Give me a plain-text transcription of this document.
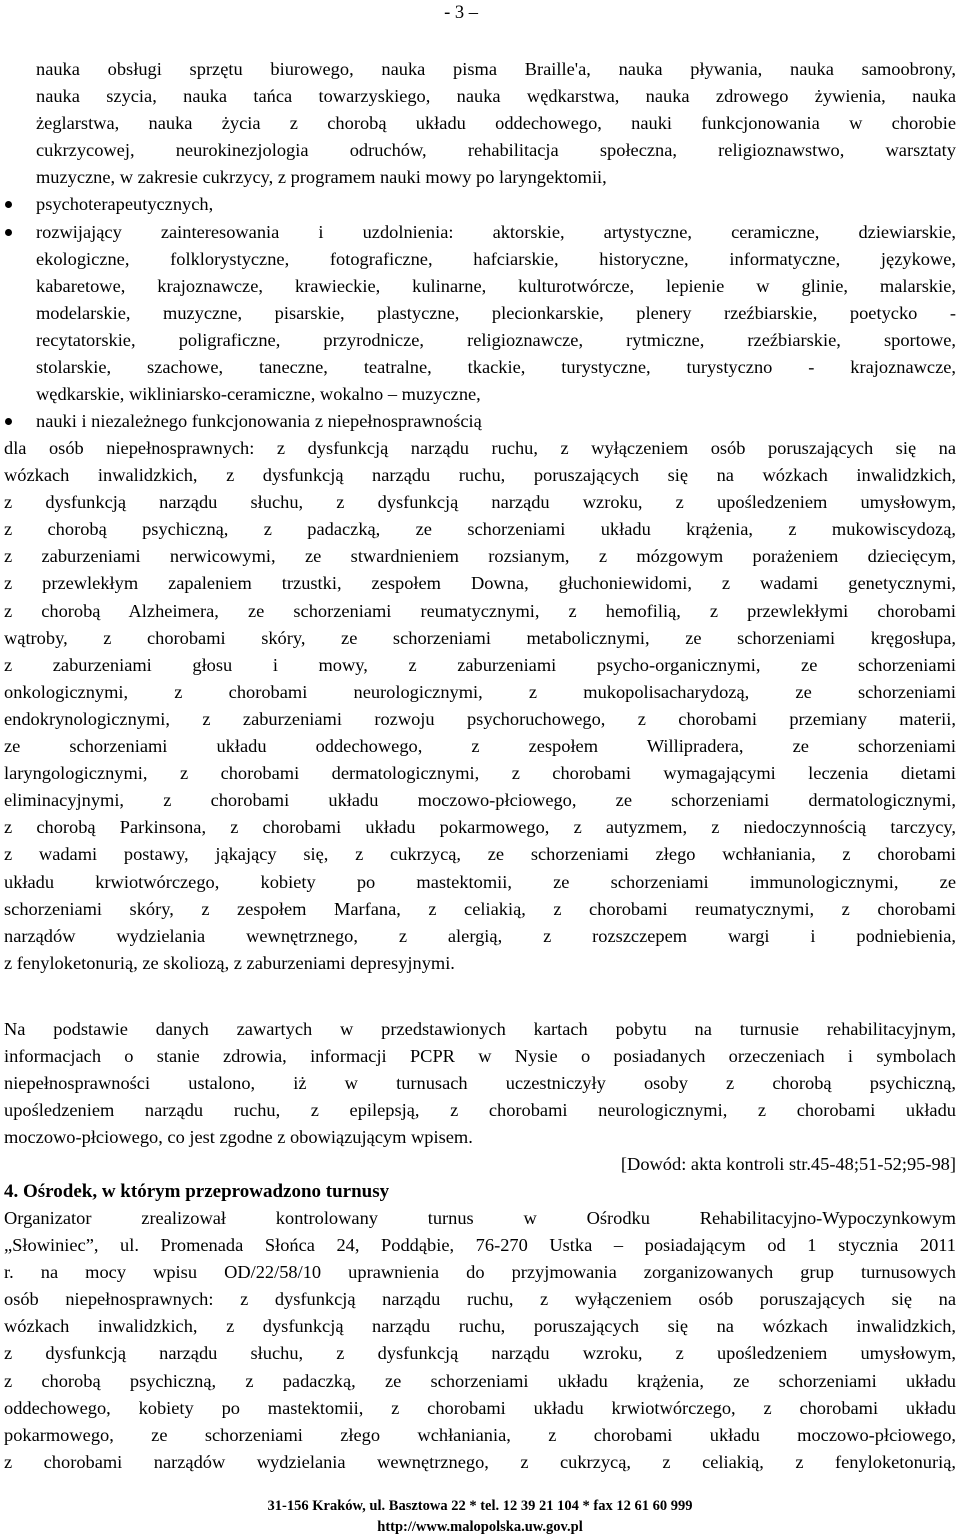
- 3 –
nauka obsługi sprzętu biurowego, nauka pisma Braille'a, nauka pływania, nauka samoobrony,
nauka szycia, nauka tańca towarzyskiego, nauka wędkarstwa, nauka zdrowego żywienia, nauka
żeglarstwa, nauka życia z chorobą układu oddechowego, nauki funkcjonowania w chorobie
cukrzycowej, neurokinezjologia odruchów, rehabilitacja społeczna, religioznawstwo, warsztaty
muzyczne, w zakresie cukrzycy, z programem nauki mowy po laryngektomii,
psychoterapeutycznych,
rozwijający zainteresowania i uzdolnienia: aktorskie, artystyczne, ceramiczne, dziewiarskie,
ekologiczne, folklorystyczne, fotograficzne, hafciarskie, historyczne, informatyczne, językowe,
kabaretowe, krajoznawcze, krawieckie, kulinarne, kulturotwórcze, lepienie w glinie, malarskie,
modelarskie, muzyczne, pisarskie, plastyczne, plecionkarskie, plenery rzeźbiarskie, poetycko -
recytatorskie, poligraficzne, przyrodnicze, religioznawcze, rytmiczne, rzeźbiarskie, sportowe,
stolarskie, szachowe, taneczne, teatralne, tkackie, turystyczne, turystyczno - krajoznawcze,
wędkarskie, wikliniarsko-ceramiczne, wokalno – muzyczne,
nauki i niezależnego funkcjonowania z niepełnosprawnością
dla osób niepełnosprawnych: z dysfunkcją narządu ruchu, z wyłączeniem osób poruszających się na
wózkach inwalidzkich, z dysfunkcją narządu ruchu, poruszających się na wózkach inwalidzkich,
z dysfunkcją narządu słuchu, z dysfunkcją narządu wzroku, z upośledzeniem umysłowym,
z chorobą psychiczną, z padaczką, ze schorzeniami układu krążenia, z mukowiscydozą,
z zaburzeniami nerwicowymi, ze stwardnieniem rozsianym, z mózgowym porażeniem dziecięcym,
z przewlekłym zapaleniem trzustki, zespołem Downa, głuchoniewidomi, z wadami genetycznymi,
z chorobą Alzheimera, ze schorzeniami reumatycznymi, z hemofilią, z przewlekłymi chorobami
wątroby, z chorobami skóry, ze schorzeniami metabolicznymi, ze schorzeniami kręgosłupa,
z zaburzeniami głosu i mowy, z zaburzeniami psycho-organicznymi, ze schorzeniami
onkologicznymi, z chorobami neurologicznymi, z mukopolisacharydozą, ze schorzeniami
endokrynologicznymi, z zaburzeniami rozwoju psychoruchowego, z chorobami przemiany materii,
ze schorzeniami układu oddechowego, z zespołem Willipradera, ze schorzeniami
laryngologicznymi, z chorobami dermatologicznymi, z chorobami wymagającymi leczenia dietami
eliminacyjnymi, z chorobami układu moczowo-płciowego, ze schorzeniami dermatologicznymi,
z chorobą Parkinsona, z chorobami układu pokarmowego, z autyzmem, z niedoczynnością tarczycy,
z wadami postawy, jąkający się, z cukrzycą, ze schorzeniami złego wchłaniania, z chorobami
układu krwiotwórczego, kobiety po mastektomii, ze schorzeniami immunologicznymi, ze
schorzeniami skóry, z zespołem Marfana, z celiakią, z chorobami reumatycznymi, z chorobami
narządów wydzielania wewnętrznego, z alergią, z rozszczepem wargi i podniebienia,
z fenyloketonurią, ze skoliozą, z zaburzeniami depresyjnymi.
Na podstawie danych zawartych w przedstawionych kartach pobytu na turnusie rehabilitacyjnym,
informacjach o stanie zdrowia, informacji PCPR w Nysie o posiadanych orzeczeniach i symbolach
niepełnosprawności ustalono, iż w turnusach uczestniczyły osoby z chorobą psychiczną,
upośledzeniem narządu ruchu, z epilepsją, z chorobami neurologicznymi, z chorobami układu
moczowo-płciowego, co jest zgodne z obowiązującym wpisem.
[Dowód: akta kontroli str.45-48;51-52;95-98]
4. Ośrodek, w którym przeprowadzono turnusy
Organizator zrealizował kontrolowany turnus w Ośrodku Rehabilitacyjno-Wypoczynkowym
„Słowiniec”, ul. Promenada Słońca 24, Poddąbie, 76-270 Ustka – posiadającym od 1 stycznia 2011
r. na mocy wpisu OD/22/58/10 uprawnienia do przyjmowania zorganizowanych grup turnusowych
osób niepełnosprawnych: z dysfunkcją narządu ruchu, z wyłączeniem osób poruszających się na
wózkach inwalidzkich, z dysfunkcją narządu ruchu, poruszających się na wózkach inwalidzkich,
z dysfunkcją narządu słuchu, z dysfunkcją narządu wzroku, z upośledzeniem umysłowym,
z chorobą psychiczną, z padaczką, ze schorzeniami układu krążenia, ze schorzeniami układu
oddechowego, kobiety po mastektomii, z chorobami układu krwiotwórczego, z chorobami układu
pokarmowego, ze schorzeniami złego wchłaniania, z chorobami układu moczowo-płciowego,
z chorobami narządów wydzielania wewnętrznego, z cukrzycą, z celiakią, z fenyloketonurią,
31-156 Kraków, ul. Basztowa 22 * tel. 12 39 21 104 * fax 12 61 60 999
http://www.malopolska.uw.gov.pl
